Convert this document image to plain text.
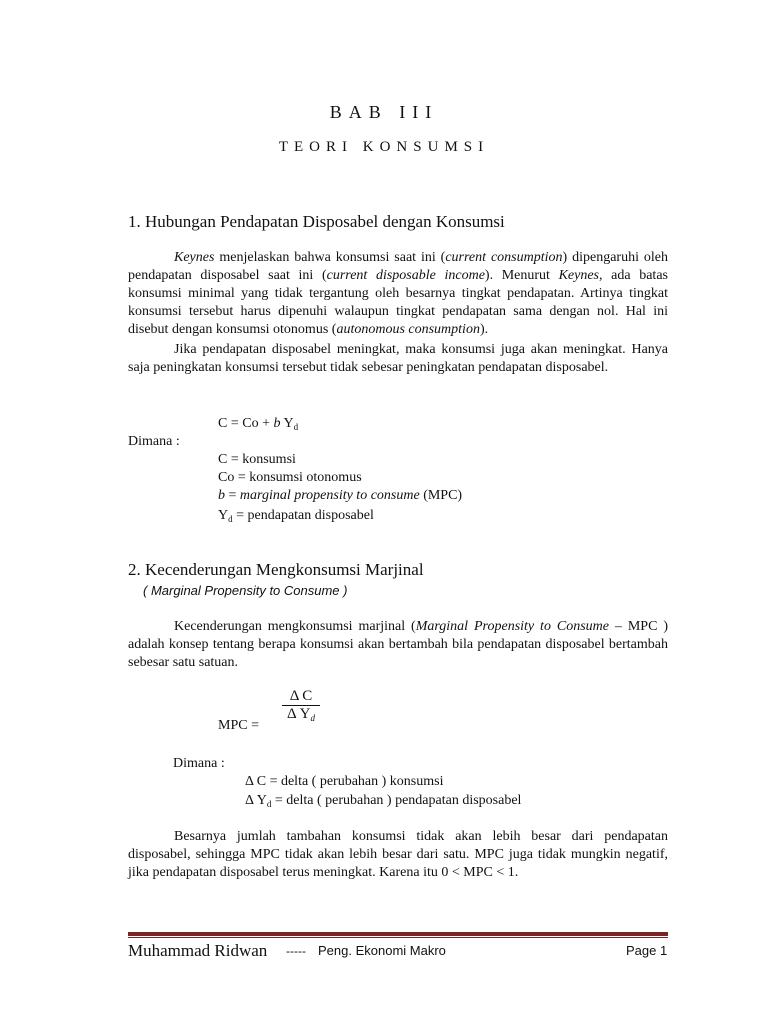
BAB III
TEORI KONSUMSI
1. Hubungan Pendapatan Disposabel dengan Konsumsi
Keynes menjelaskan bahwa konsumsi saat ini (current consumption) dipengaruhi oleh pendapatan disposabel saat ini (current disposable income). Menurut Keynes, ada batas konsumsi minimal yang tidak tergantung oleh besarnya tingkat pendapatan. Artinya tingkat konsumsi tersebut harus dipenuhi walaupun tingkat pendapatan sama dengan nol. Hal ini disebut dengan konsumsi otonomus (autonomous consumption).
Jika pendapatan disposabel meningkat, maka konsumsi juga akan meningkat. Hanya saja peningkatan konsumsi tersebut tidak sebesar peningkatan pendapatan disposabel.
C = Co + b $Y_d$
Dimana :
C = konsumsi
Co = konsumsi otonomus
b = marginal propensity to consume (MPC)
$Y_d$ = pendapatan disposabel
2. Kecenderungan Mengkonsumsi Marjinal
( Marginal Propensity to Consume )
Kecenderungan mengkonsumsi marjinal (Marginal Propensity to Consume – MPC ) adalah konsep tentang berapa konsumsi akan bertambah bila pendapatan disposabel bertambah sebesar satu satuan.
MPC =
Δ C
Δ $Y_d$
Dimana :
Δ C = delta ( perubahan ) konsumsi
Δ $Y_d$ = delta ( perubahan ) pendapatan disposabel
Besarnya jumlah tambahan konsumsi tidak akan lebih besar dari pendapatan disposabel, sehingga MPC tidak akan lebih besar dari satu. MPC juga tidak mungkin negatif, jika pendapatan disposabel terus meningkat. Karena itu 0 < MPC < 1.
Muhammad Ridwan ----- Peng. Ekonomi Makro	Page 1
